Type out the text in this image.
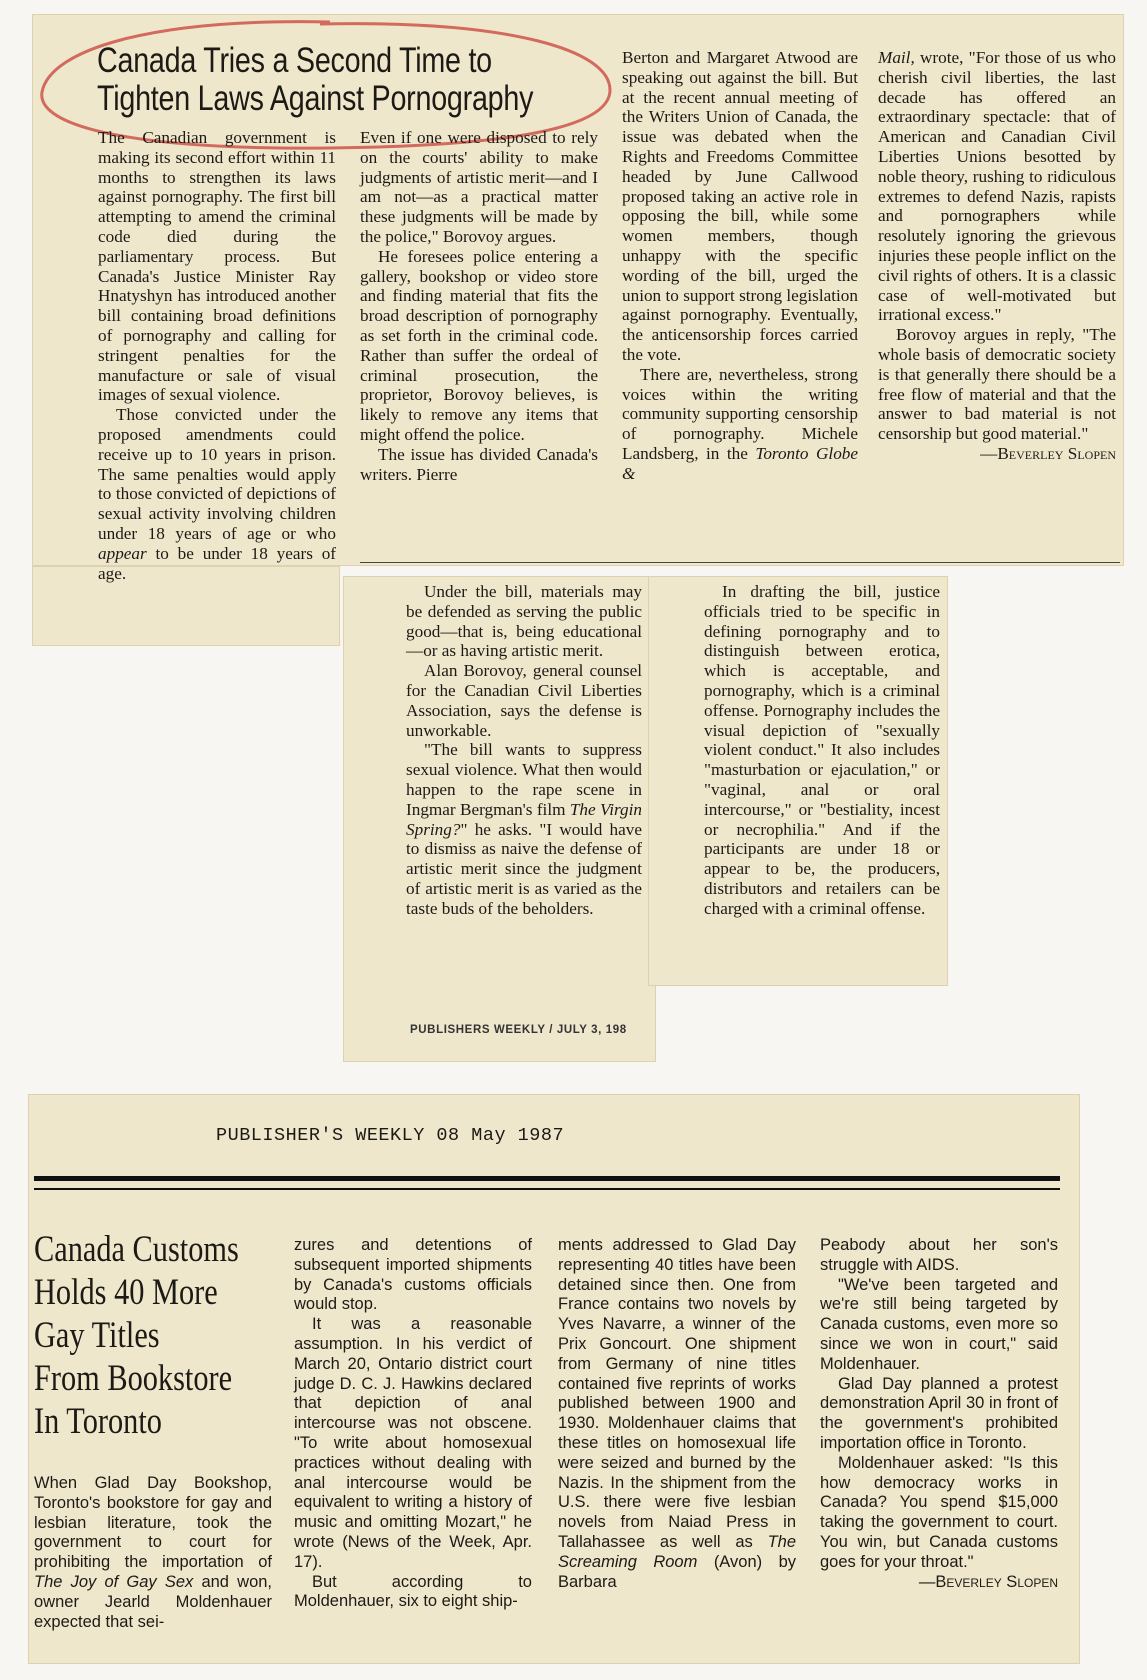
Canada Tries a Second Time to
Tighten Laws Against Pornography

The Canadian government is making its second effort within 11 months to strengthen its laws against pornography. The first bill attempting to amend the criminal code died during the parliamentary process. But Canada's Justice Minister Ray Hnatyshyn has introduced another bill containing broad definitions of pornography and calling for stringent penalties for the manufacture or sale of visual images of sexual violence.

Those convicted under the proposed amendments could receive up to 10 years in prison. The same penalties would apply to those convicted of depictions of sexual activity involving children under 18 years of age or who appear to be under 18 years of age.

Even if one were disposed to rely on the courts' ability to make judgments of artistic merit—and I am not—as a practical matter these judgments will be made by the police," Borovoy argues.

He foresees police entering a gallery, bookshop or video store and finding material that fits the broad description of pornography as set forth in the criminal code. Rather than suffer the ordeal of criminal prosecution, the proprietor, Borovoy believes, is likely to remove any items that might offend the police.

The issue has divided Canada's writers. Pierre

Berton and Margaret Atwood are speaking out against the bill. But at the recent annual meeting of the Writers Union of Canada, the issue was debated when the Rights and Freedoms Committee headed by June Callwood proposed taking an active role in opposing the bill, while some women members, though unhappy with the specific wording of the bill, urged the union to support strong legislation against pornography. Eventually, the anticensorship forces carried the vote.

There are, nevertheless, strong voices within the writing community supporting censorship of pornography. Michele Landsberg, in the Toronto Globe &

Mail, wrote, "For those of us who cherish civil liberties, the last decade has offered an extraordinary spectacle: that of American and Canadian Civil Liberties Unions besotted by noble theory, rushing to ridiculous extremes to defend Nazis, rapists and pornographers while resolutely ignoring the grievous injuries these people inflict on the civil rights of others. It is a classic case of well-motivated but irrational excess."

Borovoy argues in reply, "The whole basis of democratic society is that generally there should be a free flow of material and that the answer to bad material is not censorship but good material."

—Beverley Slopen

Under the bill, materials may be defended as serving the public good—that is, being educational—or as having artistic merit.

Alan Borovoy, general counsel for the Canadian Civil Liberties Association, says the defense is unworkable.

"The bill wants to suppress sexual violence. What then would happen to the rape scene in Ingmar Bergman's film The Virgin Spring?" he asks. "I would have to dismiss as naive the defense of artistic merit since the judgment of artistic merit is as varied as the taste buds of the beholders.

PUBLISHERS WEEKLY / JULY 3, 198

In drafting the bill, justice officials tried to be specific in defining pornography and to distinguish between erotica, which is acceptable, and pornography, which is a criminal offense. Pornography includes the visual depiction of "sexually violent conduct." It also includes "masturbation or ejaculation," or "vaginal, anal or oral intercourse," or "bestiality, incest or necrophilia." And if the participants are under 18 or appear to be, the producers, distributors and retailers can be charged with a criminal offense.

PUBLISHER'S WEEKLY 08 May 1987
Canada Customs
Holds 40 More
Gay Titles
From Bookstore
In Toronto

When Glad Day Bookshop, Toronto's bookstore for gay and lesbian literature, took the government to court for prohibiting the importation of The Joy of Gay Sex and won, owner Jearld Moldenhauer expected that sei-

zures and detentions of subsequent imported shipments by Canada's customs officials would stop.

It was a reasonable assumption. In his verdict of March 20, Ontario district court judge D. C. J. Hawkins declared that depiction of anal intercourse was not obscene. "To write about homosexual practices without dealing with anal intercourse would be equivalent to writing a history of music and omitting Mozart," he wrote (News of the Week, Apr. 17).

But according to Moldenhauer, six to eight ship-

ments addressed to Glad Day representing 40 titles have been detained since then. One from France contains two novels by Yves Navarre, a winner of the Prix Goncourt. One shipment from Germany of nine titles contained five reprints of works published between 1900 and 1930. Moldenhauer claims that these titles on homosexual life were seized and burned by the Nazis. In the shipment from the U.S. there were five lesbian novels from Naiad Press in Tallahassee as well as The Screaming Room (Avon) by Barbara

Peabody about her son's struggle with AIDS.

"We've been targeted and we're still being targeted by Canada customs, even more so since we won in court," said Moldenhauer.

Glad Day planned a protest demonstration April 30 in front of the government's prohibited importation office in Toronto.

Moldenhauer asked: "Is this how democracy works in Canada? You spend $15,000 taking the government to court. You win, but Canada customs goes for your throat."

—Beverley Slopen
